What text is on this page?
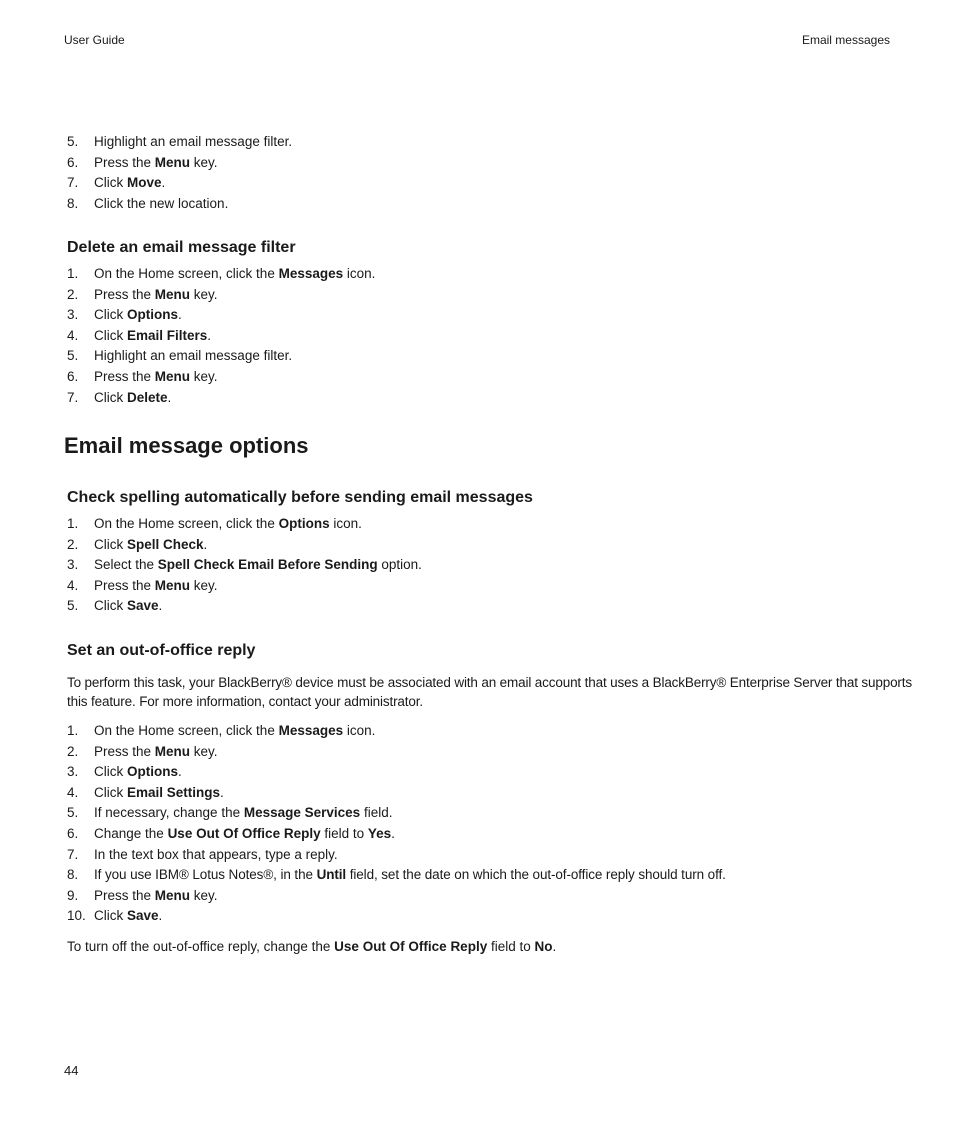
User Guide	Email messages
5. Highlight an email message filter.
6. Press the Menu key.
7. Click Move.
8. Click the new location.
Delete an email message filter
1. On the Home screen, click the Messages icon.
2. Press the Menu key.
3. Click Options.
4. Click Email Filters.
5. Highlight an email message filter.
6. Press the Menu key.
7. Click Delete.
Email message options
Check spelling automatically before sending email messages
1. On the Home screen, click the Options icon.
2. Click Spell Check.
3. Select the Spell Check Email Before Sending option.
4. Press the Menu key.
5. Click Save.
Set an out-of-office reply

To perform this task, your BlackBerry® device must be associated with an email account that uses a BlackBerry® Enterprise Server that supports
this feature. For more information, contact your administrator.

1. On the Home screen, click the Messages icon.
2. Press the Menu key.
3. Click Options.
4. Click Email Settings.
5. If necessary, change the Message Services field.
6. Change the Use Out Of Office Reply field to Yes.
7. In the text box that appears, type a reply.
8. If you use IBM® Lotus Notes®, in the Until field, set the date on which the out-of-office reply should turn off.
9. Press the Menu key.
10. Click Save.

To turn off the out-of-office reply, change the Use Out Of Office Reply field to No.

44
